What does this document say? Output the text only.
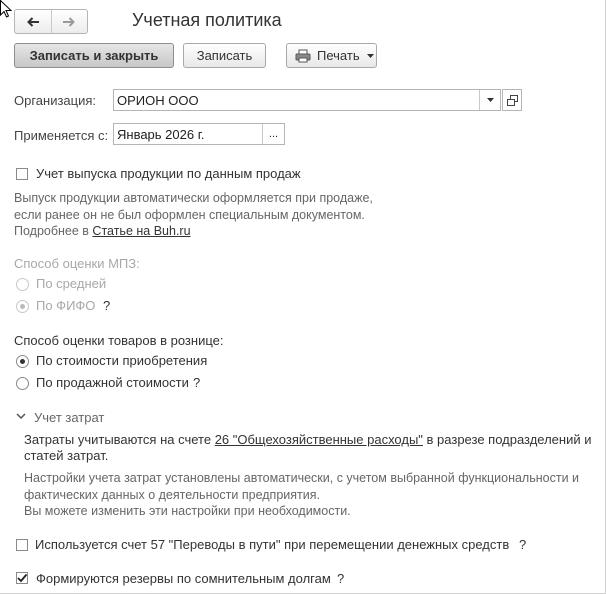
Учетная политика
Записать и закрыть	Записать	Печать
Организация: ОРИОН ООО
Применяется с: Январь 2026 г.	...
Учет выпуска продукции по данным продаж
Выпуск продукции автоматически оформляется при продаже,
если ранее он не был оформлен специальным документом.
Подробнее в Статье на Buh.ru
Способ оценки МПЗ:
По средней
По ФИФО ?
Способ оценки товаров в рознице:
По стоимости приобретения
По продажной стоимости ?
Учет затрат
Затраты учитываются на счете 26 "Общехозяйственные расходы" в разрезе подразделений и
статей затрат.
Настройки учета затрат установлены автоматически, с учетом выбранной функциональности и
фактических данных о деятельности предприятия.
Вы можете изменить эти настройки при необходимости.
Используется счет 57 "Переводы в пути" при перемещении денежных средств ?
Формируются резервы по сомнительным долгам ?
